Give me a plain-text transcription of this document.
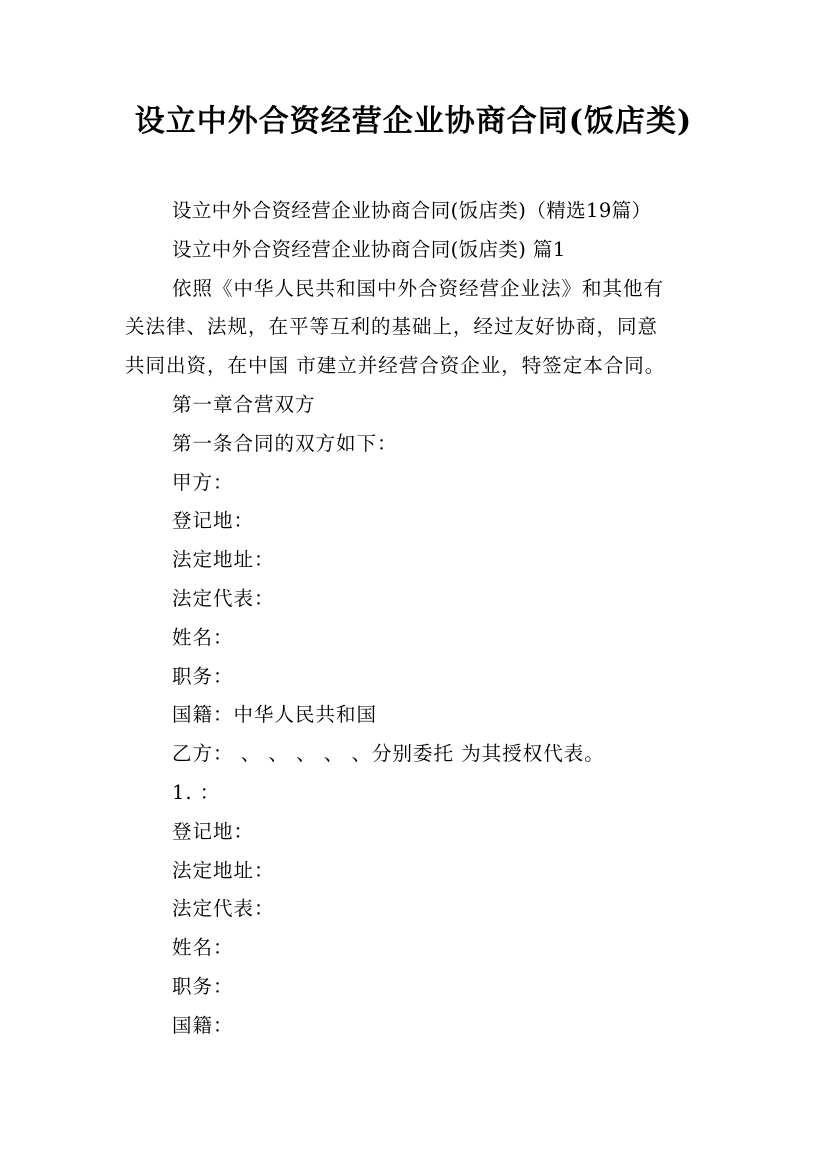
设立中外合资经营企业协商合同(饭店类)
设立中外合资经营企业协商合同(饭店类)（精选19篇）
设立中外合资经营企业协商合同(饭店类) 篇1
依照《中华人民共和国中外合资经营企业法》和其他有
关法律、法规，在平等互利的基础上，经过友好协商，同意
共同出资，在中国 市建立并经营合资企业，特签定本合同。
第一章合营双方
第一条合同的双方如下：
甲方：
登记地：
法定地址：
法定代表：
姓名：
职务：
国籍：中华人民共和国
乙方： 、 、 、 、 、分别委托 为其授权代表。
1. ：
登记地：
法定地址：
法定代表：
姓名：
职务：
国籍：
